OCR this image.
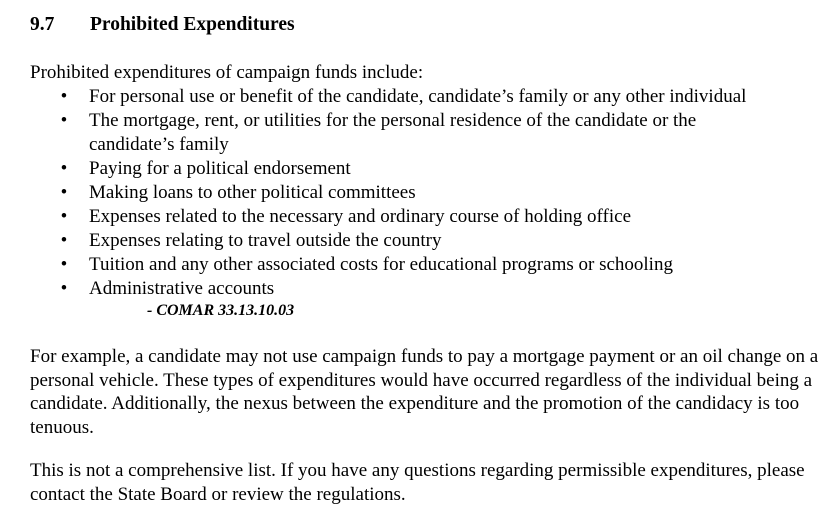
9.7 Prohibited Expenditures
Prohibited expenditures of campaign funds include:
• For personal use or benefit of the candidate, candidate’s family or any other individual
• The mortgage, rent, or utilities for the personal residence of the candidate or the candidate’s family
• Paying for a political endorsement
• Making loans to other political committees
• Expenses related to the necessary and ordinary course of holding office
• Expenses relating to travel outside the country
• Tuition and any other associated costs for educational programs or schooling
• Administrative accounts
- COMAR 33.13.10.03

For example, a candidate may not use campaign funds to pay a mortgage payment or an oil change on a personal vehicle. These types of expenditures would have occurred regardless of the individual being a candidate. Additionally, the nexus between the expenditure and the promotion of the candidacy is too tenuous.

This is not a comprehensive list. If you have any questions regarding permissible expenditures, please contact the State Board or review the regulations.
